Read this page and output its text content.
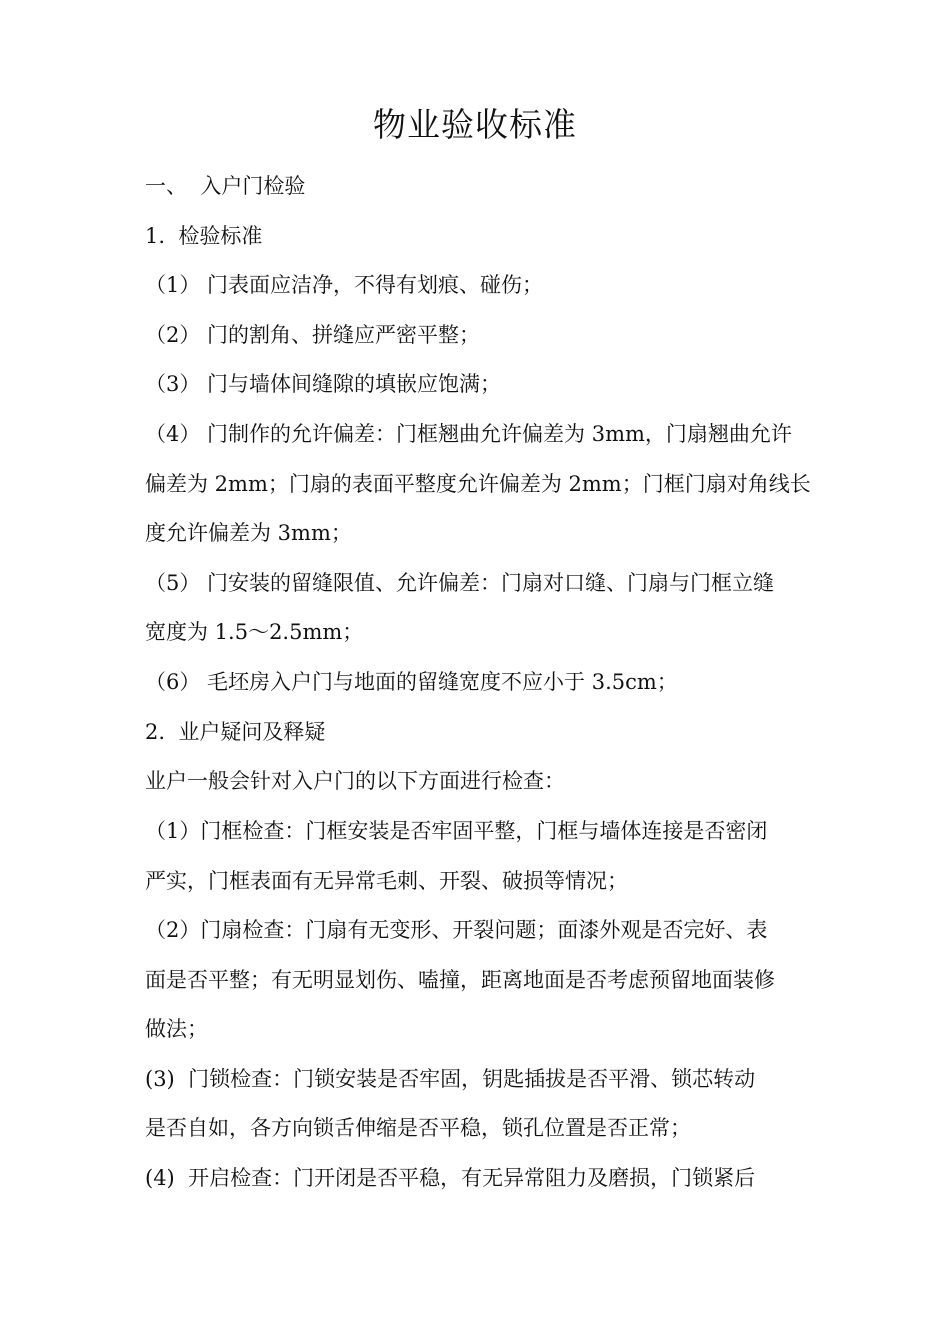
物业验收标准
一、  入户门检验
1.  检验标准
（1） 门表面应洁净，不得有划痕、碰伤；
（2） 门的割角、拼缝应严密平整；
（3） 门与墙体间缝隙的填嵌应饱满；
（4） 门制作的允许偏差：门框翘曲允许偏差为 3mm，门扇翘曲允许
偏差为 2mm；门扇的表面平整度允许偏差为 2mm；门框门扇对角线长
度允许偏差为 3mm；
（5） 门安装的留缝限值、允许偏差：门扇对口缝、门扇与门框立缝
宽度为 1.5～2.5mm；
（6） 毛坯房入户门与地面的留缝宽度不应小于 3.5cm；
2.  业户疑问及释疑
业户一般会针对入户门的以下方面进行检查：
（1）门框检查：门框安装是否牢固平整，门框与墙体连接是否密闭
严实，门框表面有无异常毛刺、开裂、破损等情况；
（2）门扇检查：门扇有无变形、开裂问题；面漆外观是否完好、表
面是否平整；有无明显划伤、嗑撞，距离地面是否考虑预留地面装修
做法；
(3)  门锁检查：门锁安装是否牢固，钥匙插拔是否平滑、锁芯转动
是否自如，各方向锁舌伸缩是否平稳，锁孔位置是否正常；
(4)  开启检查：门开闭是否平稳，有无异常阻力及磨损，门锁紧后
